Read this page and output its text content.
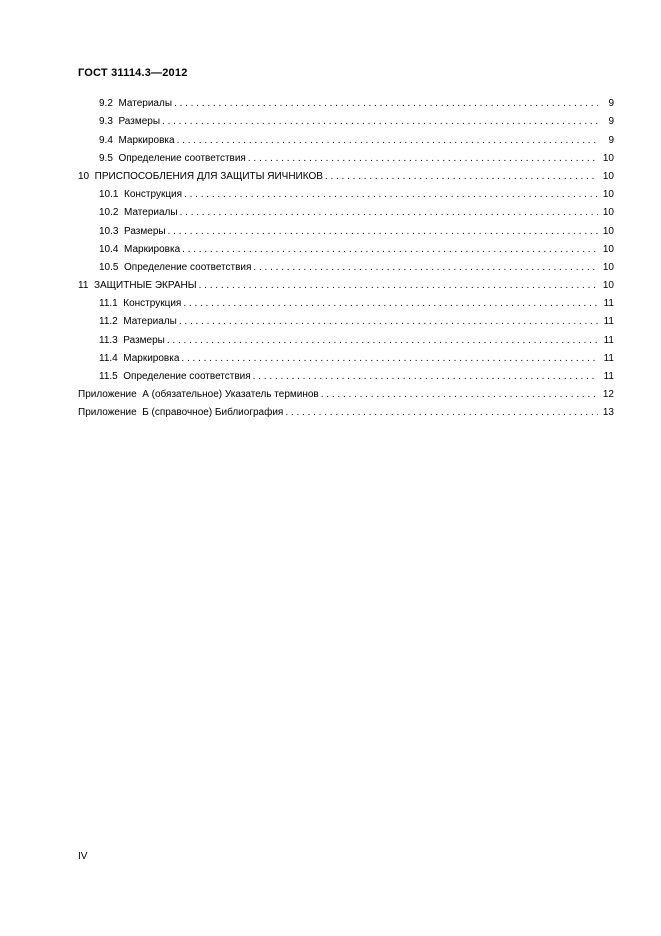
ГОСТ 31114.3—2012
9.2  Материалы . . .	9
9.3  Размеры . . .	9
9.4  Маркировка . . .	9
9.5  Определение соответствия . . .	10
10  ПРИСПОСОБЛЕНИЯ ДЛЯ ЗАЩИТЫ ЯИЧНИКОВ . . .	10
10.1  Конструкция . . .	10
10.2  Материалы . . .	10
10.3  Размеры . . .	10
10.4  Маркировка . . .	10
10.5  Определение соответствия . . .	10
11  ЗАЩИТНЫЕ ЭКРАНЫ . . .	10
11.1  Конструкция . . .	11
11.2  Материалы . . .	11
11.3  Размеры . . .	11
11.4  Маркировка . . .	11
11.5  Определение соответствия . . .	11
Приложение  А (обязательное) Указатель терминов . . .	12
Приложение  Б (справочное) Библиография . . .	13
IV
